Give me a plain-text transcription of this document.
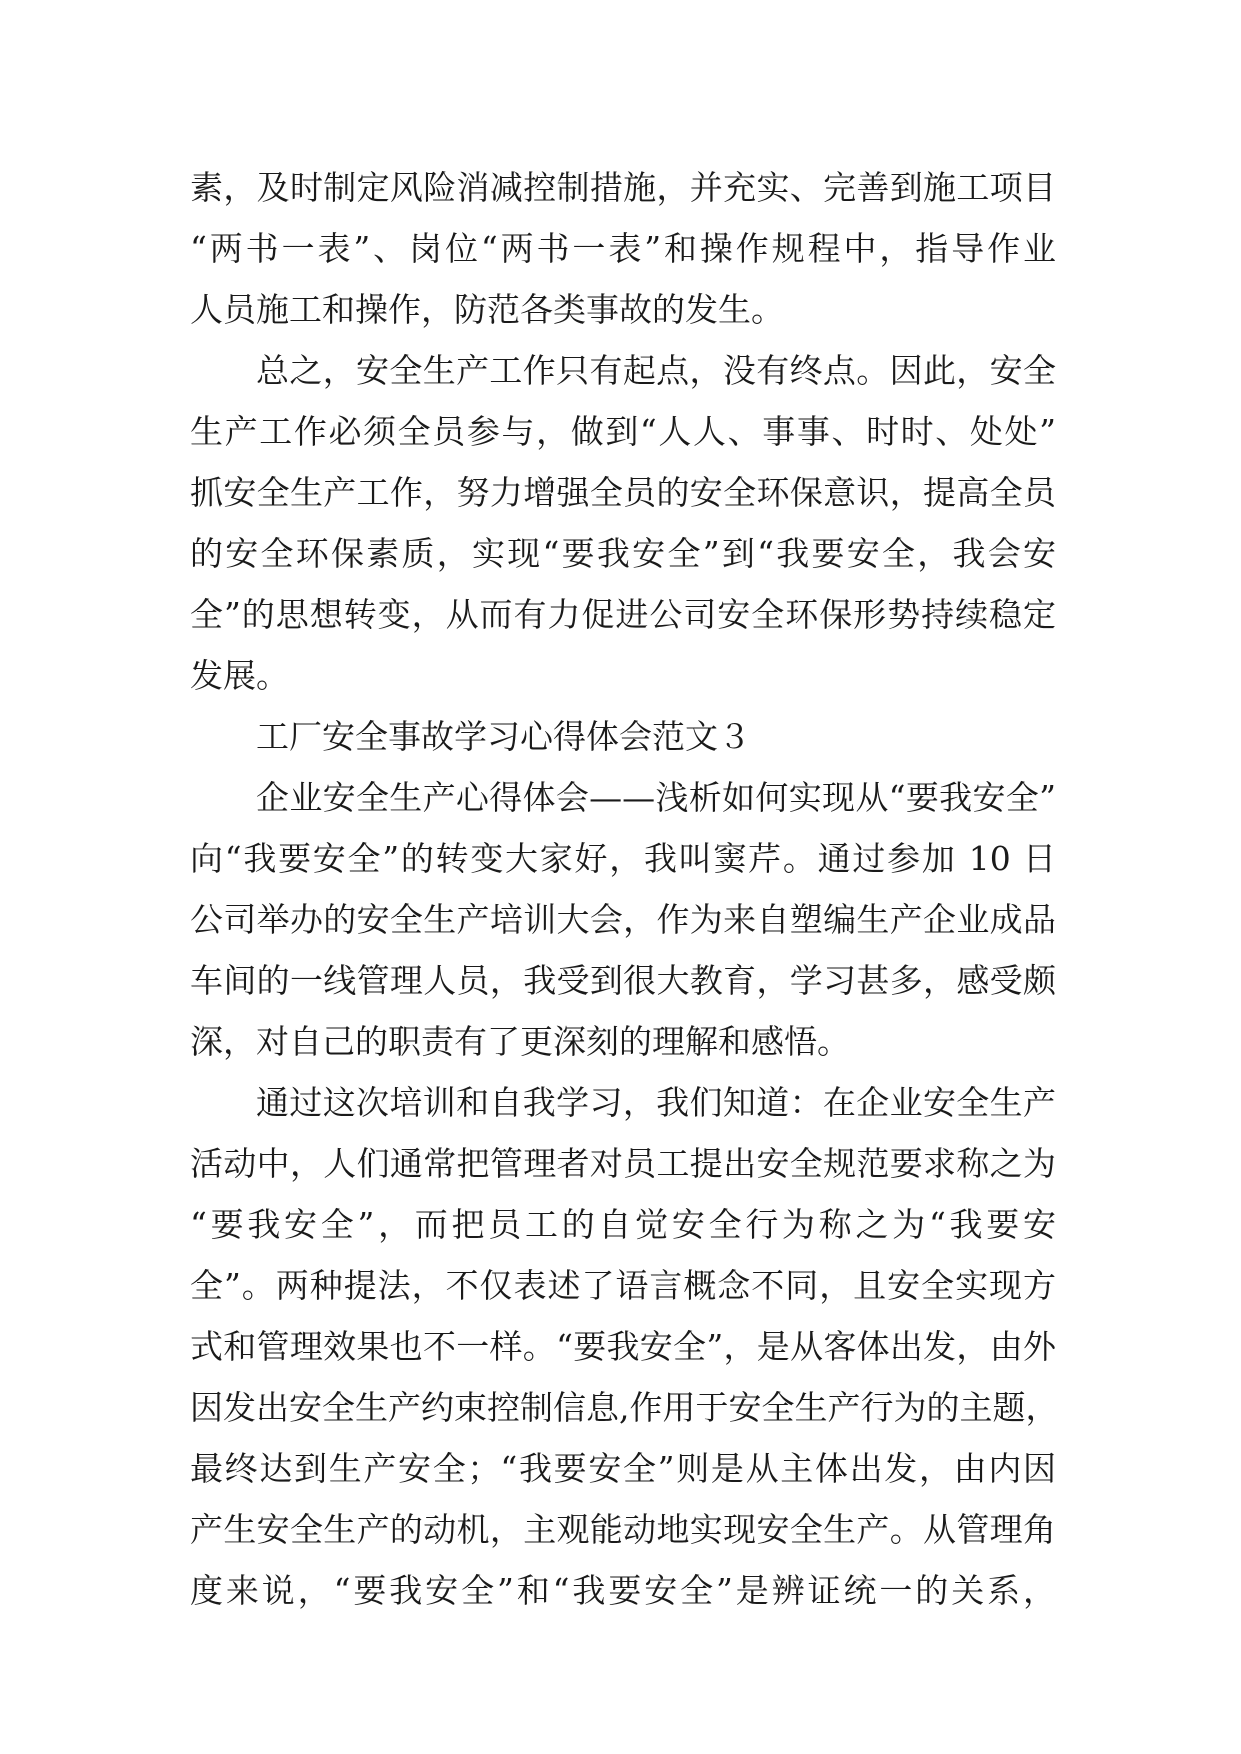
素，及时制定风险消减控制措施，并充实、完善到施工项目
“两书一表”、岗位“两书一表”和操作规程中，指导作业
人员施工和操作，防范各类事故的发生。
总之，安全生产工作只有起点，没有终点。因此，安全
生产工作必须全员参与，做到“人人、事事、时时、处处”
抓安全生产工作，努力增强全员的安全环保意识，提高全员
的安全环保素质，实现“要我安全”到“我要安全，我会安
全”的思想转变，从而有力促进公司安全环保形势持续稳定
发展。
工厂安全事故学习心得体会范文３
企业安全生产心得体会——浅析如何实现从“要我安全”
向“我要安全”的转变大家好，我叫窦芹。通过参加 10 日
公司举办的安全生产培训大会，作为来自塑编生产企业成品
车间的一线管理人员，我受到很大教育，学习甚多，感受颇
深，对自己的职责有了更深刻的理解和感悟。
通过这次培训和自我学习，我们知道：在企业安全生产
活动中，人们通常把管理者对员工提出安全规范要求称之为
“要我安全”，而把员工的自觉安全行为称之为“我要安
全”。两种提法，不仅表述了语言概念不同，且安全实现方
式和管理效果也不一样。“要我安全”，是从客体出发，由外
因发出安全生产约束控制信息,作用于安全生产行为的主题，
最终达到生产安全；“我要安全”则是从主体出发，由内因
产生安全生产的动机，主观能动地实现安全生产。从管理角
度来说，“要我安全”和“我要安全”是辨证统一的关系，
